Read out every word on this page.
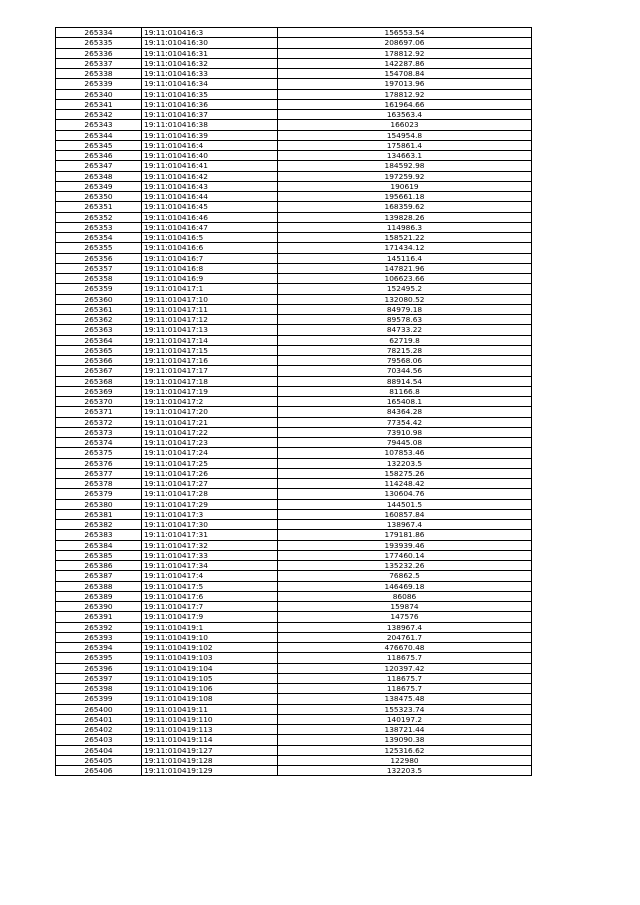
265334	19:11:010416:3	156553.54
265335	19:11:010416:30	208697.06
265336	19:11:010416:31	178812.92
265337	19:11:010416:32	142287.86
265338	19:11:010416:33	154708.84
265339	19:11:010416:34	197013.96
265340	19:11:010416:35	178812.92
265341	19:11:010416:36	161964.66
265342	19:11:010416:37	163563.4
265343	19:11:010416:38	166023
265344	19:11:010416:39	154954.8
265345	19:11:010416:4	175861.4
265346	19:11:010416:40	134663.1
265347	19:11:010416:41	184592.98
265348	19:11:010416:42	197259.92
265349	19:11:010416:43	190619
265350	19:11:010416:44	195661.18
265351	19:11:010416:45	168359.62
265352	19:11:010416:46	139828.26
265353	19:11:010416:47	114986.3
265354	19:11:010416:5	158521.22
265355	19:11:010416:6	171434.12
265356	19:11:010416:7	145116.4
265357	19:11:010416:8	147821.96
265358	19:11:010416:9	106623.66
265359	19:11:010417:1	152495.2
265360	19:11:010417:10	132080.52
265361	19:11:010417:11	84979.18
265362	19:11:010417:12	89578.63
265363	19:11:010417:13	84733.22
265364	19:11:010417:14	62719.8
265365	19:11:010417:15	78215.28
265366	19:11:010417:16	79568.06
265367	19:11:010417:17	70344.56
265368	19:11:010417:18	88914.54
265369	19:11:010417:19	81166.8
265370	19:11:010417:2	165408.1
265371	19:11:010417:20	84364.28
265372	19:11:010417:21	77354.42
265373	19:11:010417:22	73910.98
265374	19:11:010417:23	79445.08
265375	19:11:010417:24	107853.46
265376	19:11:010417:25	132203.5
265377	19:11:010417:26	158275.26
265378	19:11:010417:27	114248.42
265379	19:11:010417:28	130604.76
265380	19:11:010417:29	144501.5
265381	19:11:010417:3	160857.84
265382	19:11:010417:30	138967.4
265383	19:11:010417:31	179181.86
265384	19:11:010417:32	193939.46
265385	19:11:010417:33	177460.14
265386	19:11:010417:34	135232.26
265387	19:11:010417:4	76862.5
265388	19:11:010417:5	146469.18
265389	19:11:010417:6	86086
265390	19:11:010417:7	159874
265391	19:11:010417:9	147576
265392	19:11:010419:1	138967.4
265393	19:11:010419:10	204761.7
265394	19:11:010419:102	476670.48
265395	19:11:010419:103	118675.7
265396	19:11:010419:104	120397.42
265397	19:11:010419:105	118675.7
265398	19:11:010419:106	118675.7
265399	19:11:010419:108	138475.48
265400	19:11:010419:11	155323.74
265401	19:11:010419:110	140197.2
265402	19:11:010419:113	138721.44
265403	19:11:010419:114	139090.38
265404	19:11:010419:127	125316.62
265405	19:11:010419:128	122980
265406	19:11:010419:129	132203.5
